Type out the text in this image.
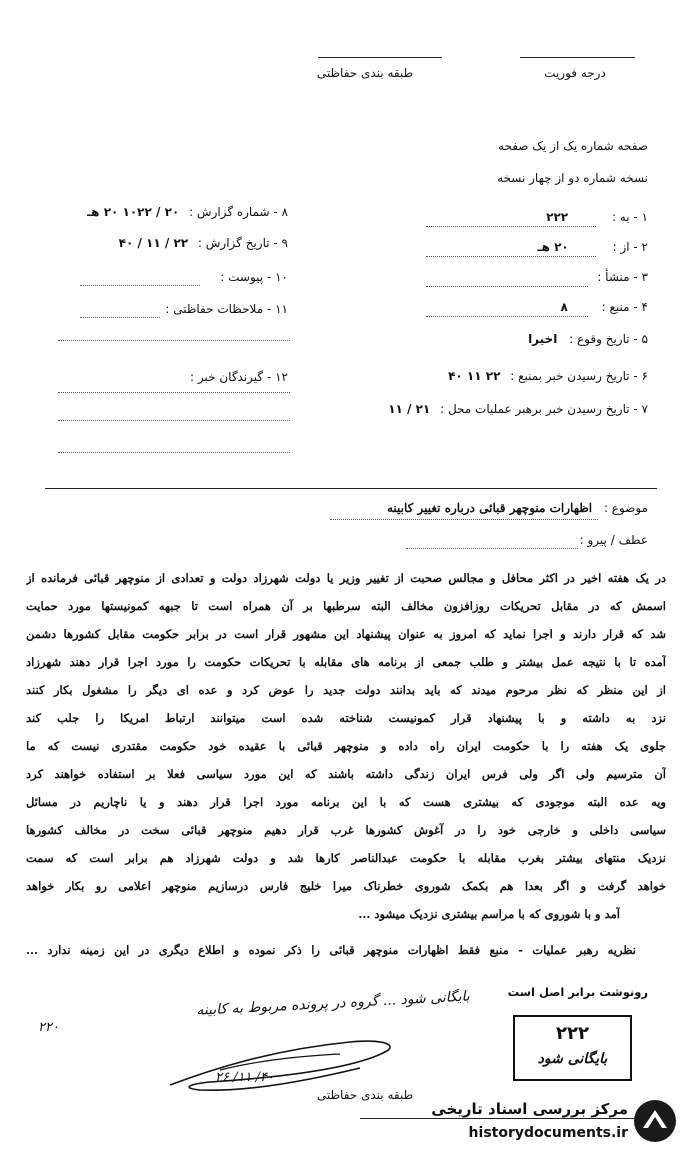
طبقه بندی حفاظتی	درجه فوریت
صفحه شماره یک از یک صفحه
نسخه شماره دو از چهار نسخه
۱ - به : ۲۲۲
۲ - از : ۲۰ هـ
۳ - منشأ :
۴ - منبع : ۸
۵ - تاریخ وقوع : اخیرا
۶ - تاریخ رسیدن خبر بمنبع : ۲۲ ۱۱ ۴۰
۷ - تاریخ رسیدن خبر برهبر عملیات محل : ۲۱ / ۱۱
۸ - شماره گزارش : ۲۰ / ۱۰۲۲ ۲۰ هـ
۹ - تاریخ گزارش : ۲۲ / ۱۱ / ۴۰
۱۰ - پیوست :
۱۱ - ملاحظات حفاظتی :
۱۲ - گیرندگان خبر :
موضوع : اظهارات منوچهر قبائی درباره تغییر کابینه
عطف / پیرو :
در یک هفته اخیر در اکثر محافل و مجالس صحبت از تغییر وزیر یا دولت شهرزاد دولت و تعدادی از منوچهر قبائی فرمانده از
اسمش که در مقابل تحریکات روزافزون مخالف البته سرطبها بر آن همراه است تا جبهه کمونیستها مورد حمایت
شد که قرار دارند و اجرا نماید که امروز به عنوان پیشنهاد این مشهور قرار است در برابر حکومت مقابل کشورها دشمن
آمده تا با نتیجه عمل بیشتر و طلب جمعی از برنامه های مقابله با تحریکات حکومت را مورد اجرا قرار دهند شهرزاد
از این منظر که نظر مرحوم میدند که باید بدانند دولت جدید را عوض کرد و عده ای دیگر را مشغول بکار کنند
نزد به داشته و با پیشنهاد قرار کمونیست شناخته شده است میتوانند ارتباط امریکا را جلب کند
جلوی یک هفته را با حکومت ایران راه داده و منوچهر قبائی با عقیده خود حکومت مقتدری نیست که ما
آن مترسیم ولی اگر ولی فرس ایران زندگی داشته باشند که این مورد سیاسی فعلا بر استفاده خواهند کرد
ویه عده البته موجودی که بیشتری هست که با این برنامه مورد اجرا قرار دهند و یا ناچاریم در مسائل
سیاسی داخلی و خارجی خود را در آغوش کشورها غرب قرار دهیم منوچهر قبائی سخت در مخالف کشورها
نزدیک منتهای بیشتر بغرب مقابله با حکومت عبدالناصر کارها شد و دولت شهرزاد هم برابر است که سمت
خواهد گرفت و اگر بعدا هم بکمک شوروی خطرناک میرا خلیج فارس درسازیم منوچهر اعلامی رو بکار خواهد
آمد و با شوروی که با مراسم بیشتری نزدیک میشود ...
نظریه رهبر عملیات - منبع فقط اظهارات منوچهر قبائی را ذکر نموده و اطلاع دیگری در این زمینه ندارد ...
رونوشت برابر اصل است
بایگانی شود ... گروه در پرونده مربوط به کابینه
۲۲۰
۴۰/ ۱۱/ ۲۶
طبقه بندی حفاظتی
۲۲۲
بایگانی شود
مرکز بررسی اسناد تاریخی
historydocuments.ir
